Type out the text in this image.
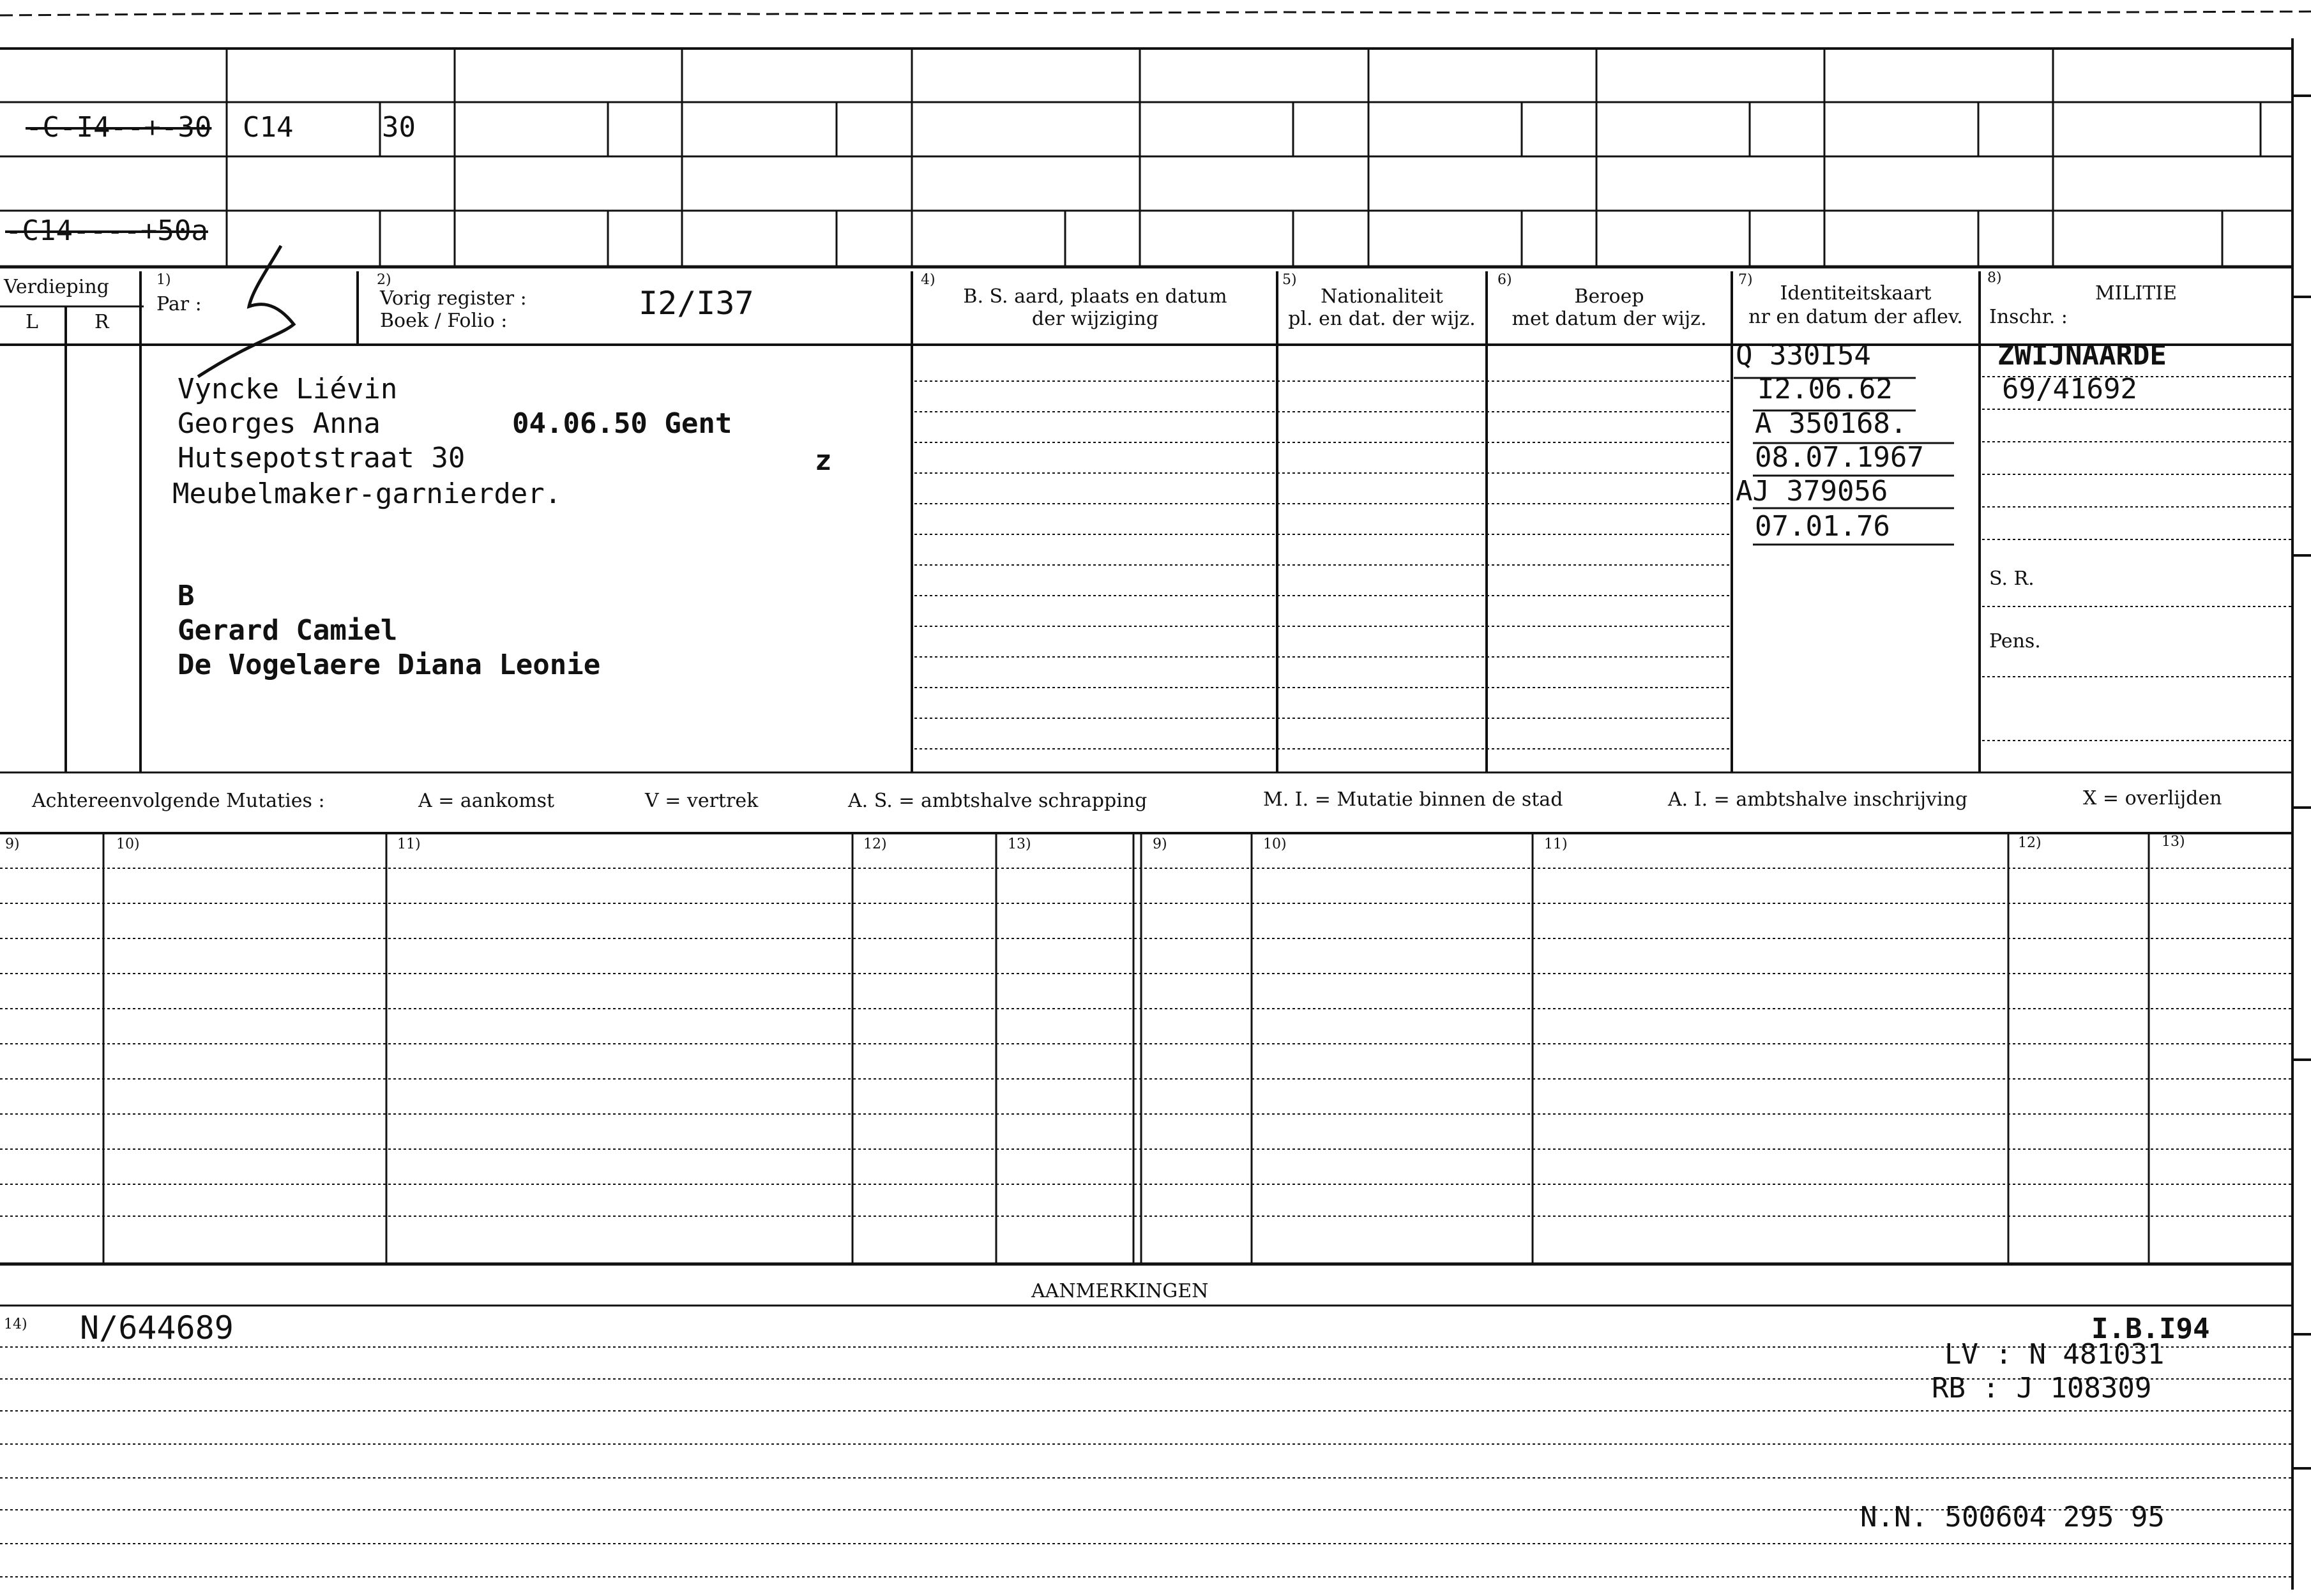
-C-I4--+-30 C14	30
-C14----+50a
Verdieping
L	R
1)
Par :
2)
Vorig register :
Boek / Folio :	I2/I37
4)
B. S. aard, plaats en datum
der wijziging
5)
Nationaliteit
pl. en dat. der wijz.
6)
Beroep
met datum der wijz.
7)
Identiteitskaart
nr en datum der aflev.
8)
MILITIE
Inschr. :
Vyncke Liévin
Georges Anna	04.06.50 Gent
Hutsepotstraat 30	z
Meubelmaker-garnierder.
B
Gerard Camiel
De Vogelaere Diana Leonie
Q 330I54
I2.06.62
A 350168.
08.07.1967
AJ 379056
07.01.76
ZWIJNAARDE
69/41692
S. R.
Pens.
Achtereenvolgende Mutaties :	A = aankomst	V = vertrek	A. S. = ambtshalve schrapping	M. I. = Mutatie binnen de stad	A. I. = ambtshalve inschrijving	X = overlijden
9)	10)	11)	12)	13)	9)	10)	11)	12)	13)
AANMERKINGEN
14) N/644689	I.B.I94
LV : N 481031
RB : J 108309
N.N. 500604 295 95
